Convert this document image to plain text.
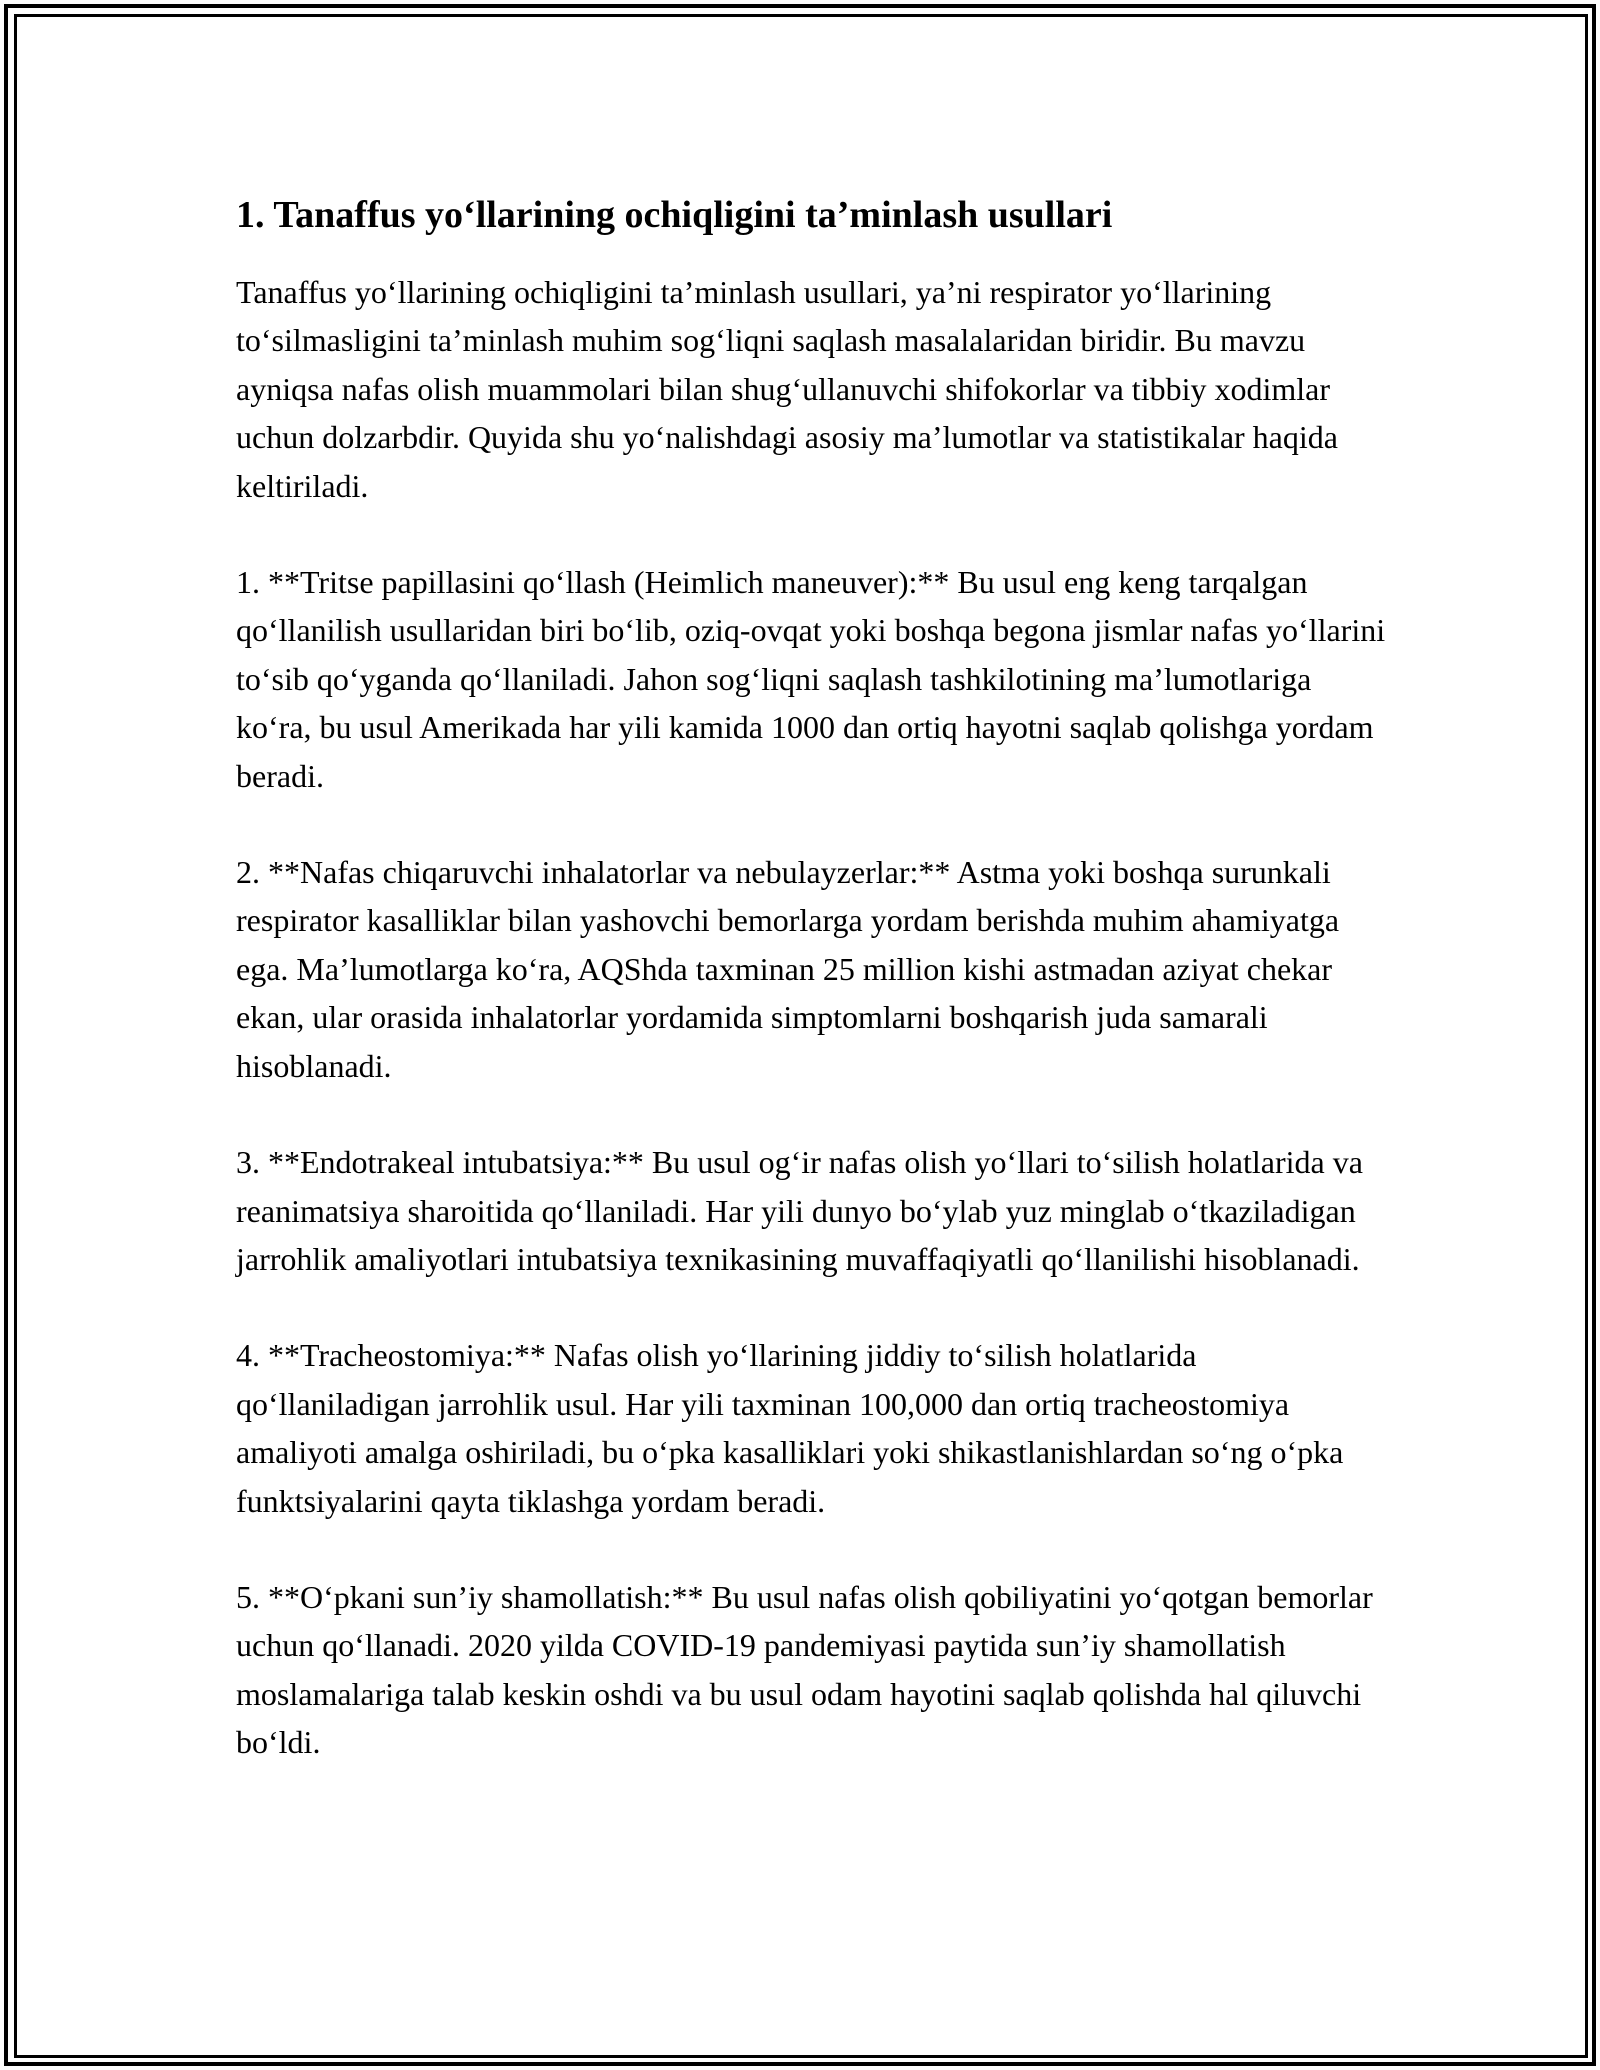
1. Tanaffus yo‘llarining ochiqligini ta’minlash usullari

Tanaffus yo‘llarining ochiqligini ta’minlash usullari, ya’ni respirator yo‘llarining to‘silmasligini ta’minlash muhim sog‘liqni saqlash masalalaridan biridir. Bu mavzu ayniqsa nafas olish muammolari bilan shug‘ullanuvchi shifokorlar va tibbiy xodimlar uchun dolzarbdir. Quyida shu yo‘nalishdagi asosiy ma’lumotlar va statistikalar haqida keltiriladi.

1. **Tritse papillasini qo‘llash (Heimlich maneuver):** Bu usul eng keng tarqalgan qo‘llanilish usullaridan biri bo‘lib, oziq-ovqat yoki boshqa begona jismlar nafas yo‘llarini to‘sib qo‘yganda qo‘llaniladi. Jahon sog‘liqni saqlash tashkilotining ma’lumotlariga ko‘ra, bu usul Amerikada har yili kamida 1000 dan ortiq hayotni saqlab qolishga yordam beradi.

2. **Nafas chiqaruvchi inhalatorlar va nebulayzerlar:** Astma yoki boshqa surunkali respirator kasalliklar bilan yashovchi bemorlarga yordam berishda muhim ahamiyatga ega. Ma’lumotlarga ko‘ra, AQShda taxminan 25 million kishi astmadan aziyat chekar ekan, ular orasida inhalatorlar yordamida simptomlarni boshqarish juda samarali hisoblanadi.

3. **Endotrakeal intubatsiya:** Bu usul og‘ir nafas olish yo‘llari to‘silish holatlarida va reanimatsiya sharoitida qo‘llaniladi. Har yili dunyo bo‘ylab yuz minglab o‘tkaziladigan jarrohlik amaliyotlari intubatsiya texnikasining muvaffaqiyatli qo‘llanilishi hisoblanadi.

4. **Tracheostomiya:** Nafas olish yo‘llarining jiddiy to‘silish holatlarida qo‘llaniladigan jarrohlik usul. Har yili taxminan 100,000 dan ortiq tracheostomiya amaliyoti amalga oshiriladi, bu o‘pka kasalliklari yoki shikastlanishlardan so‘ng o‘pka funktsiyalarini qayta tiklashga yordam beradi.

5. **O‘pkani sun’iy shamollatish:** Bu usul nafas olish qobiliyatini yo‘qotgan bemorlar uchun qo‘llanadi. 2020 yilda COVID-19 pandemiyasi paytida sun’iy shamollatish moslamalariga talab keskin oshdi va bu usul odam hayotini saqlab qolishda hal qiluvchi bo‘ldi.
